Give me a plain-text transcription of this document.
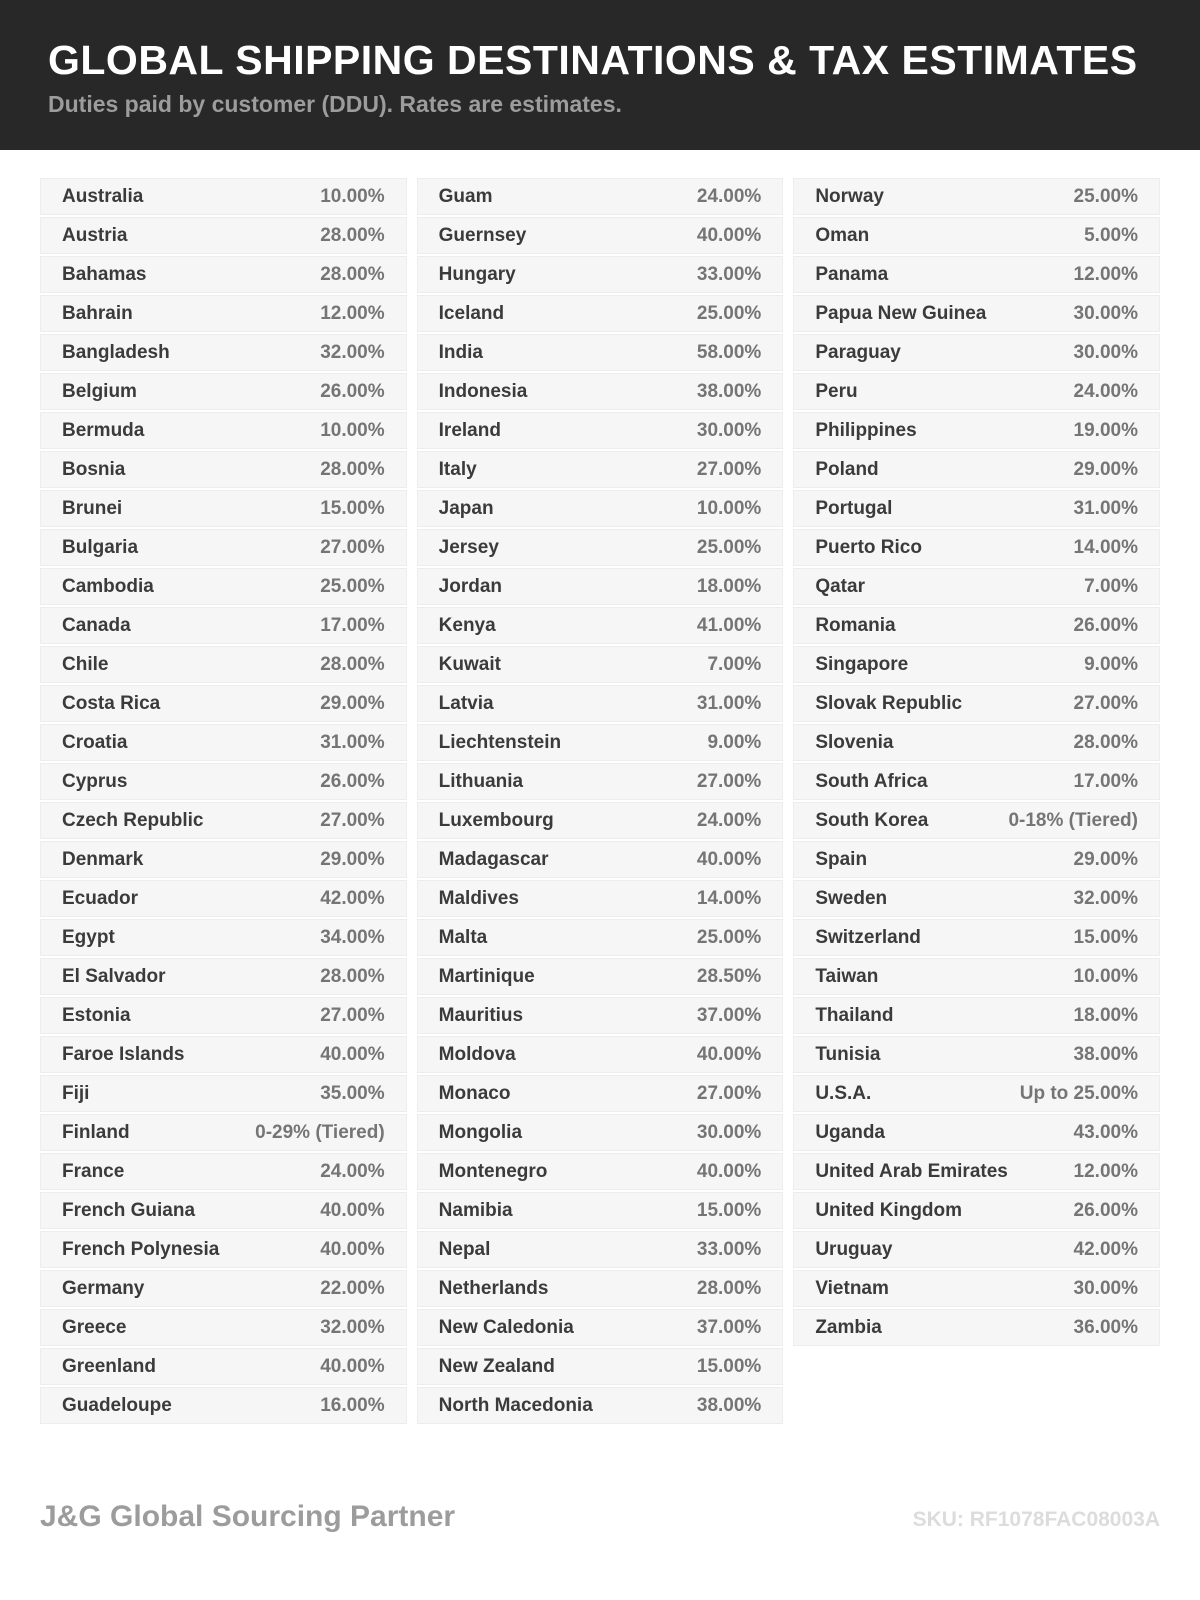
GLOBAL SHIPPING DESTINATIONS & TAX ESTIMATES
Duties paid by customer (DDU). Rates are estimates.
Australia	10.00%
Austria	28.00%
Bahamas	28.00%
Bahrain	12.00%
Bangladesh	32.00%
Belgium	26.00%
Bermuda	10.00%
Bosnia	28.00%
Brunei	15.00%
Bulgaria	27.00%
Cambodia	25.00%
Canada	17.00%
Chile	28.00%
Costa Rica	29.00%
Croatia	31.00%
Cyprus	26.00%
Czech Republic	27.00%
Denmark	29.00%
Ecuador	42.00%
Egypt	34.00%
El Salvador	28.00%
Estonia	27.00%
Faroe Islands	40.00%
Fiji	35.00%
Finland	0-29% (Tiered)
France	24.00%
French Guiana	40.00%
French Polynesia	40.00%
Germany	22.00%
Greece	32.00%
Greenland	40.00%
Guadeloupe	16.00%
Guam	24.00%
Guernsey	40.00%
Hungary	33.00%
Iceland	25.00%
India	58.00%
Indonesia	38.00%
Ireland	30.00%
Italy	27.00%
Japan	10.00%
Jersey	25.00%
Jordan	18.00%
Kenya	41.00%
Kuwait	7.00%
Latvia	31.00%
Liechtenstein	9.00%
Lithuania	27.00%
Luxembourg	24.00%
Madagascar	40.00%
Maldives	14.00%
Malta	25.00%
Martinique	28.50%
Mauritius	37.00%
Moldova	40.00%
Monaco	27.00%
Mongolia	30.00%
Montenegro	40.00%
Namibia	15.00%
Nepal	33.00%
Netherlands	28.00%
New Caledonia	37.00%
New Zealand	15.00%
North Macedonia	38.00%
Norway	25.00%
Oman	5.00%
Panama	12.00%
Papua New Guinea	30.00%
Paraguay	30.00%
Peru	24.00%
Philippines	19.00%
Poland	29.00%
Portugal	31.00%
Puerto Rico	14.00%
Qatar	7.00%
Romania	26.00%
Singapore	9.00%
Slovak Republic	27.00%
Slovenia	28.00%
South Africa	17.00%
South Korea	0-18% (Tiered)
Spain	29.00%
Sweden	32.00%
Switzerland	15.00%
Taiwan	10.00%
Thailand	18.00%
Tunisia	38.00%
U.S.A.	Up to 25.00%
Uganda	43.00%
United Arab Emirates	12.00%
United Kingdom	26.00%
Uruguay	42.00%
Vietnam	30.00%
Zambia	36.00%
J&G Global Sourcing Partner	SKU: RF1078FAC08003A
